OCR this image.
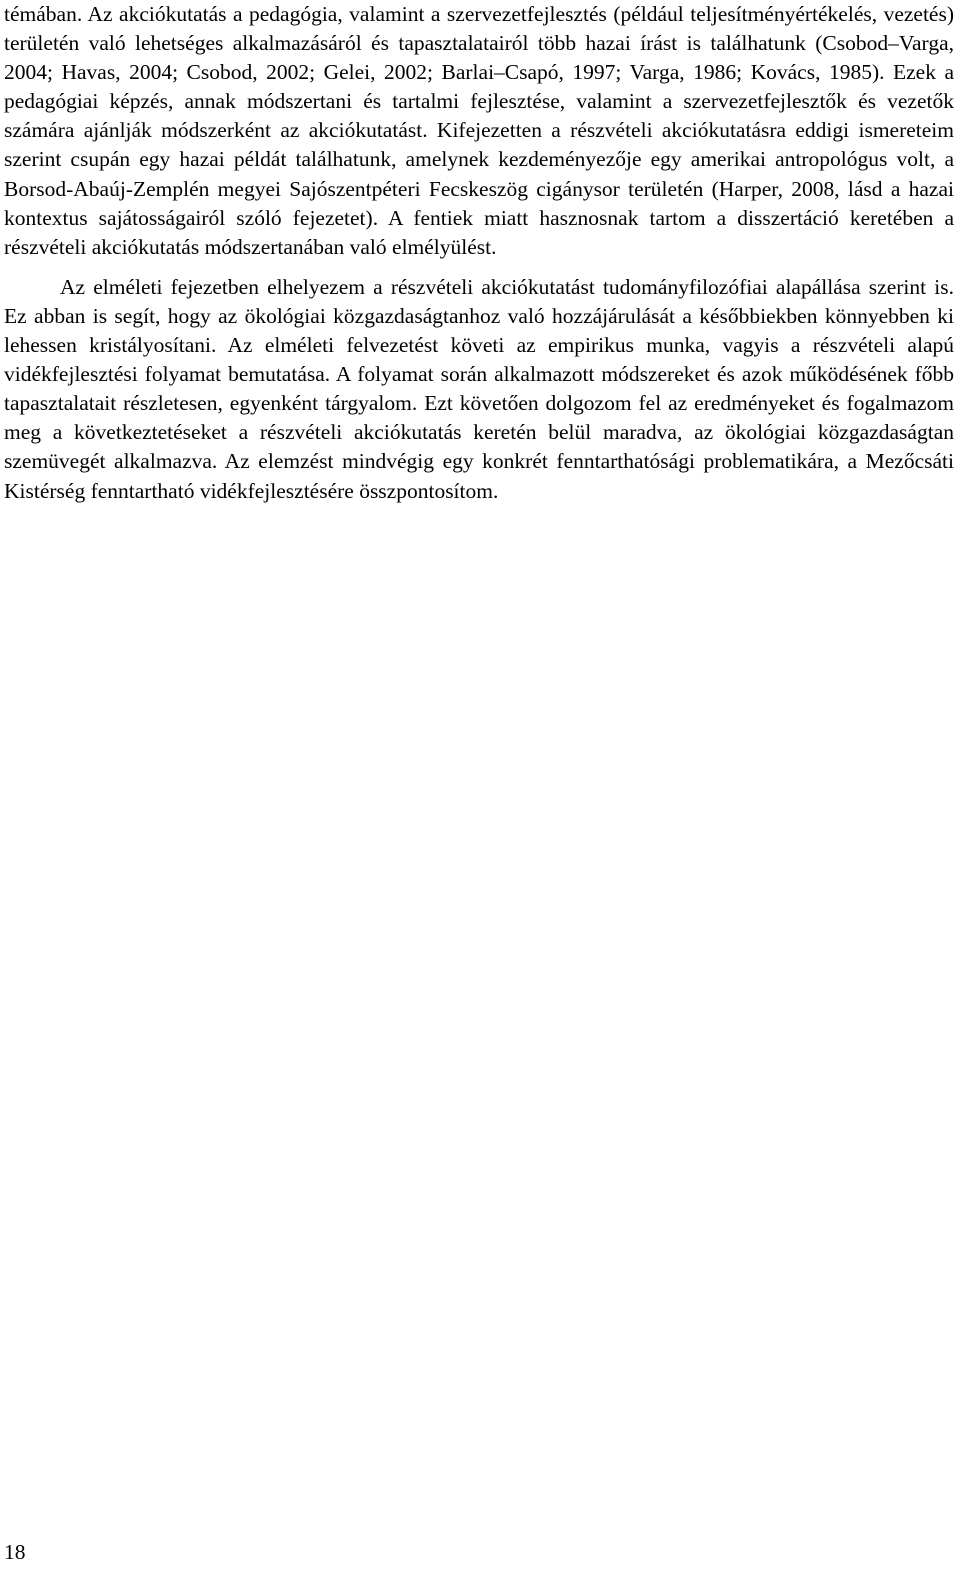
témában. Az akciókutatás a pedagógia, valamint a szervezetfejlesztés (például teljesítményértékelés, vezetés) területén való lehetséges alkalmazásáról és tapasztalatairól több hazai írást is találhatunk (Csobod–Varga, 2004; Havas, 2004; Csobod, 2002; Gelei, 2002; Barlai–Csapó, 1997; Varga, 1986; Kovács, 1985). Ezek a pedagógiai képzés, annak módszertani és tartalmi fejlesztése, valamint a szervezetfejlesztők és vezetők számára ajánlják módszerként az akciókutatást. Kifejezetten a részvételi akciókutatásra eddigi ismereteim szerint csupán egy hazai példát találhatunk, amelynek kezdeményezője egy amerikai antropológus volt, a Borsod-Abaúj-Zemplén megyei Sajószentpéteri Fecskeszög cigánysor területén (Harper, 2008, lásd a hazai kontextus sajátosságairól szóló fejezetet). A fentiek miatt hasznosnak tartom a disszertáció keretében a részvételi akciókutatás módszertanában való elmélyülést.

Az elméleti fejezetben elhelyezem a részvételi akciókutatást tudományfilozófiai alapállása szerint is. Ez abban is segít, hogy az ökológiai közgazdaságtanhoz való hozzájárulását a későbbiekben könnyebben ki lehessen kristályosítani. Az elméleti felvezetést követi az empirikus munka, vagyis a részvételi alapú vidékfejlesztési folyamat bemutatása. A folyamat során alkalmazott módszereket és azok működésének főbb tapasztalatait részletesen, egyenként tárgyalom. Ezt követően dolgozom fel az eredményeket és fogalmazom meg a következtetéseket a részvételi akciókutatás keretén belül maradva, az ökológiai közgazdaságtan szemüvegét alkalmazva. Az elemzést mindvégig egy konkrét fenntarthatósági problematikára, a Mezőcsáti Kistérség fenntartható vidékfejlesztésére összpontosítom.

18
